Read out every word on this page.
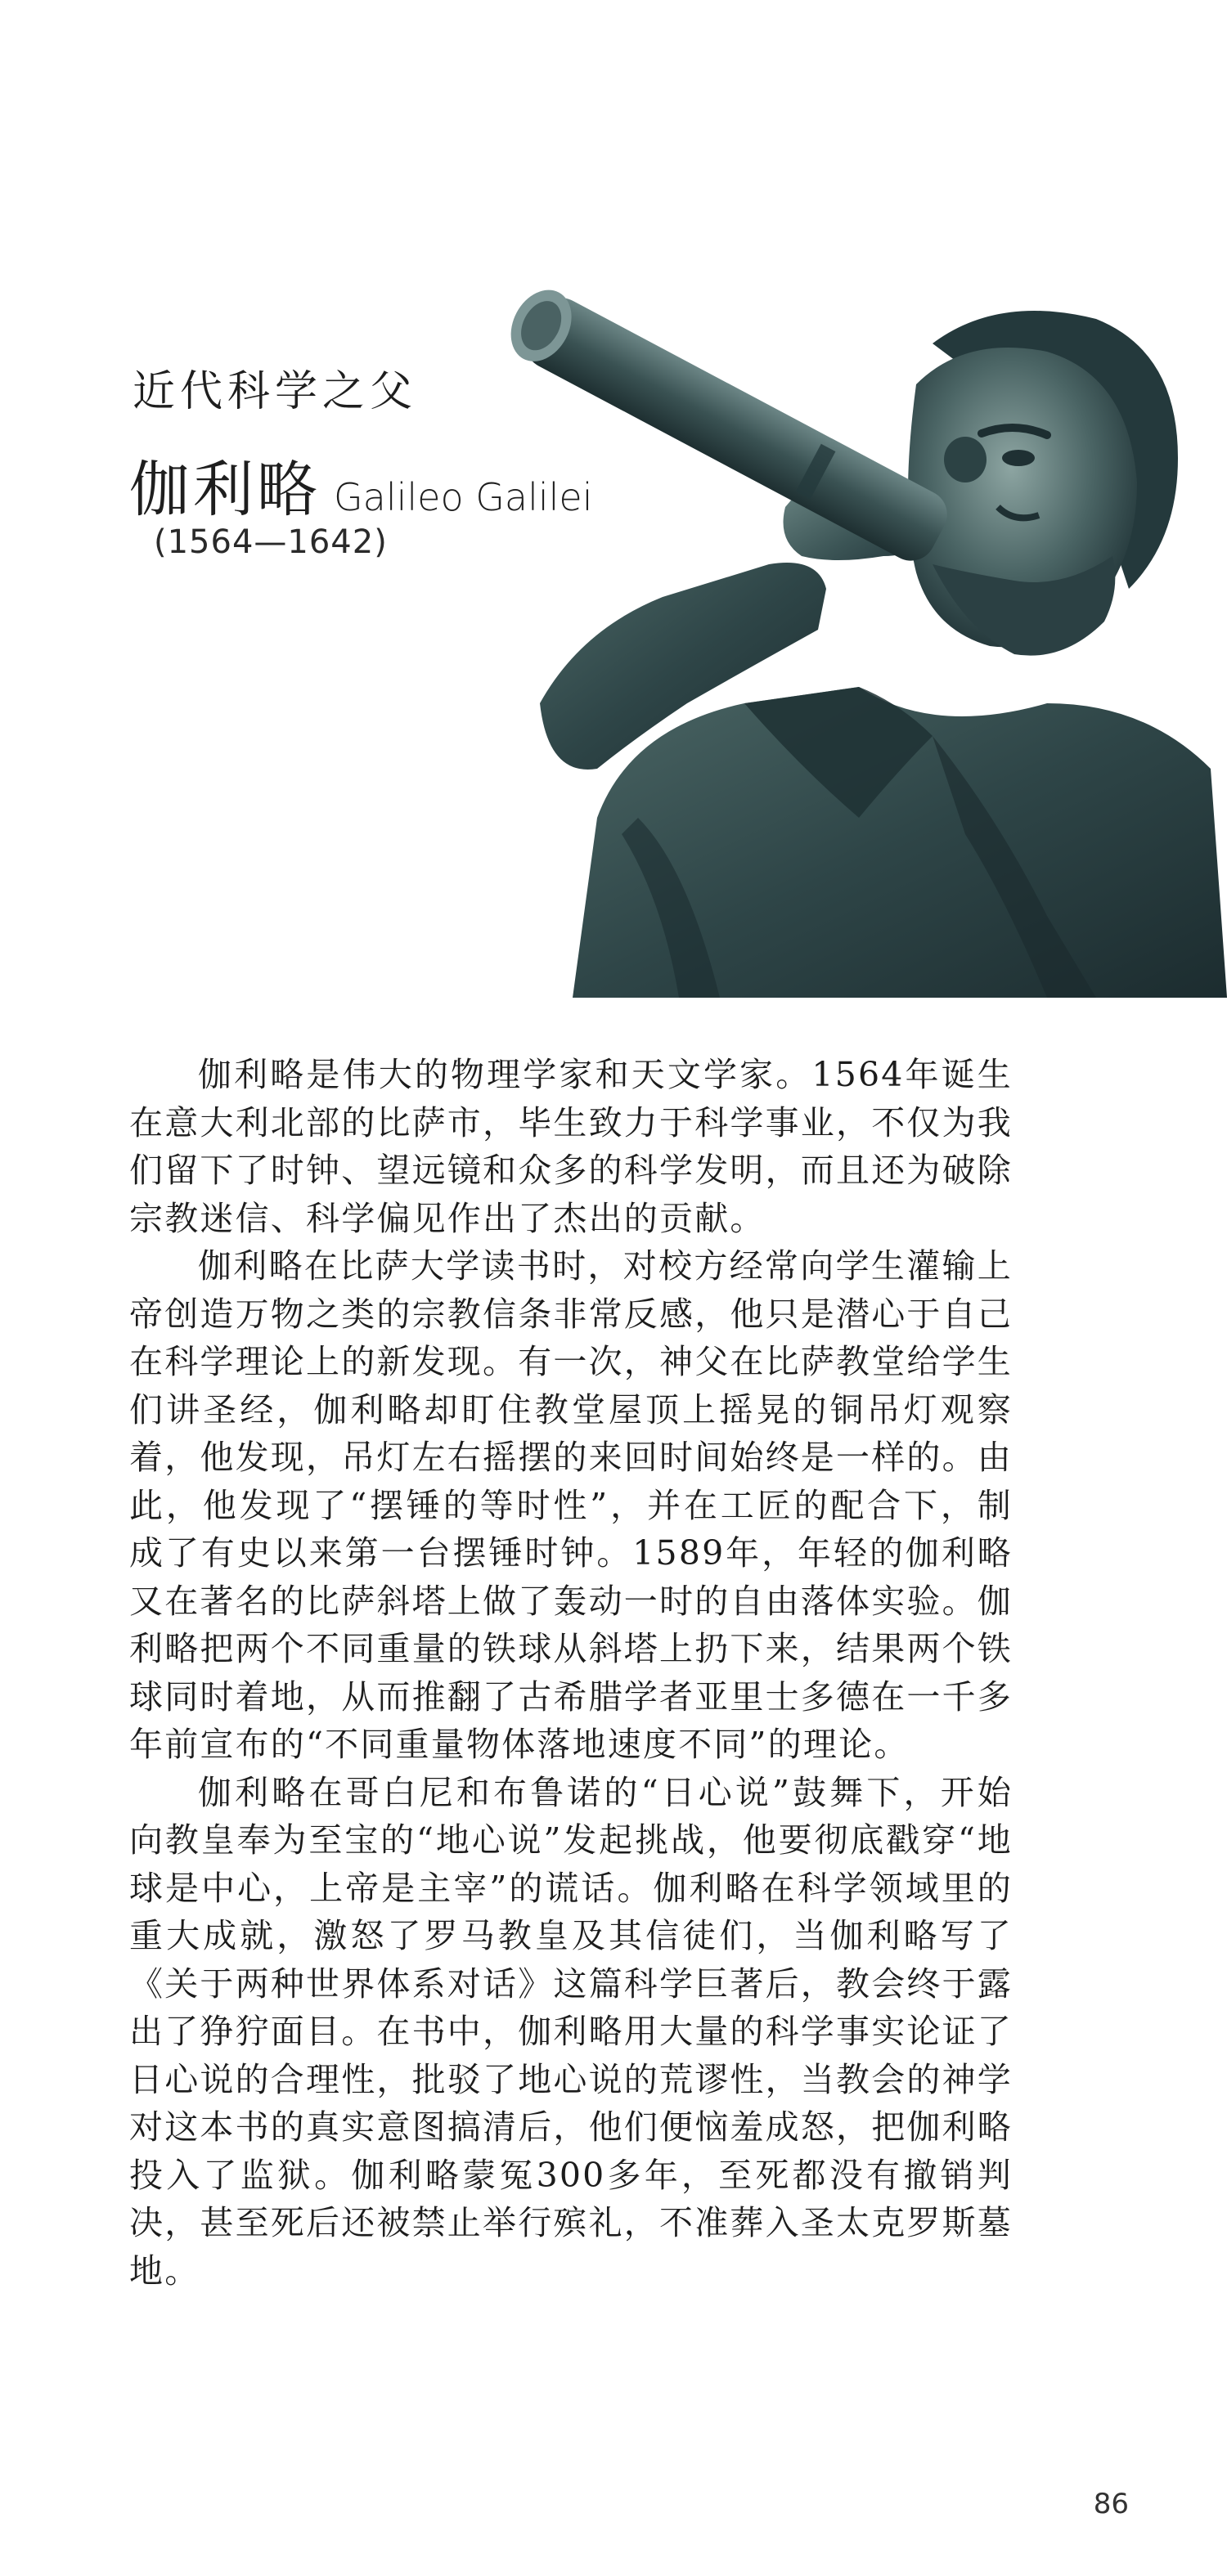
近代科学之父
伽利略 Galileo Galilei
(1564—1642)

伽利略是伟大的物理学家和天文学家。1564年诞生在意大利北部的比萨市，毕生致力于科学事业，不仅为我们留下了时钟、望远镜和众多的科学发明，而且还为破除宗教迷信、科学偏见作出了杰出的贡献。

伽利略在比萨大学读书时，对校方经常向学生灌输上帝创造万物之类的宗教信条非常反感，他只是潜心于自己在科学理论上的新发现。有一次，神父在比萨教堂给学生们讲圣经，伽利略却盯住教堂屋顶上摇晃的铜吊灯观察着，他发现，吊灯左右摇摆的来回时间始终是一样的。由此，他发现了“摆锤的等时性”，并在工匠的配合下，制成了有史以来第一台摆锤时钟。1589年，年轻的伽利略又在著名的比萨斜塔上做了轰动一时的自由落体实验。伽利略把两个不同重量的铁球从斜塔上扔下来，结果两个铁球同时着地，从而推翻了古希腊学者亚里士多德在一千多年前宣布的“不同重量物体落地速度不同”的理论。

伽利略在哥白尼和布鲁诺的“日心说”鼓舞下，开始向教皇奉为至宝的“地心说”发起挑战，他要彻底戳穿“地球是中心，上帝是主宰”的谎话。伽利略在科学领域里的重大成就，激怒了罗马教皇及其信徒们，当伽利略写了《关于两种世界体系对话》这篇科学巨著后，教会终于露出了狰狞面目。在书中，伽利略用大量的科学事实论证了日心说的合理性，批驳了地心说的荒谬性，当教会的神学对这本书的真实意图搞清后，他们便恼羞成怒，把伽利略投入了监狱。伽利略蒙冤300多年，至死都没有撤销判决，甚至死后还被禁止举行殡礼，不准葬入圣太克罗斯墓地。

86
